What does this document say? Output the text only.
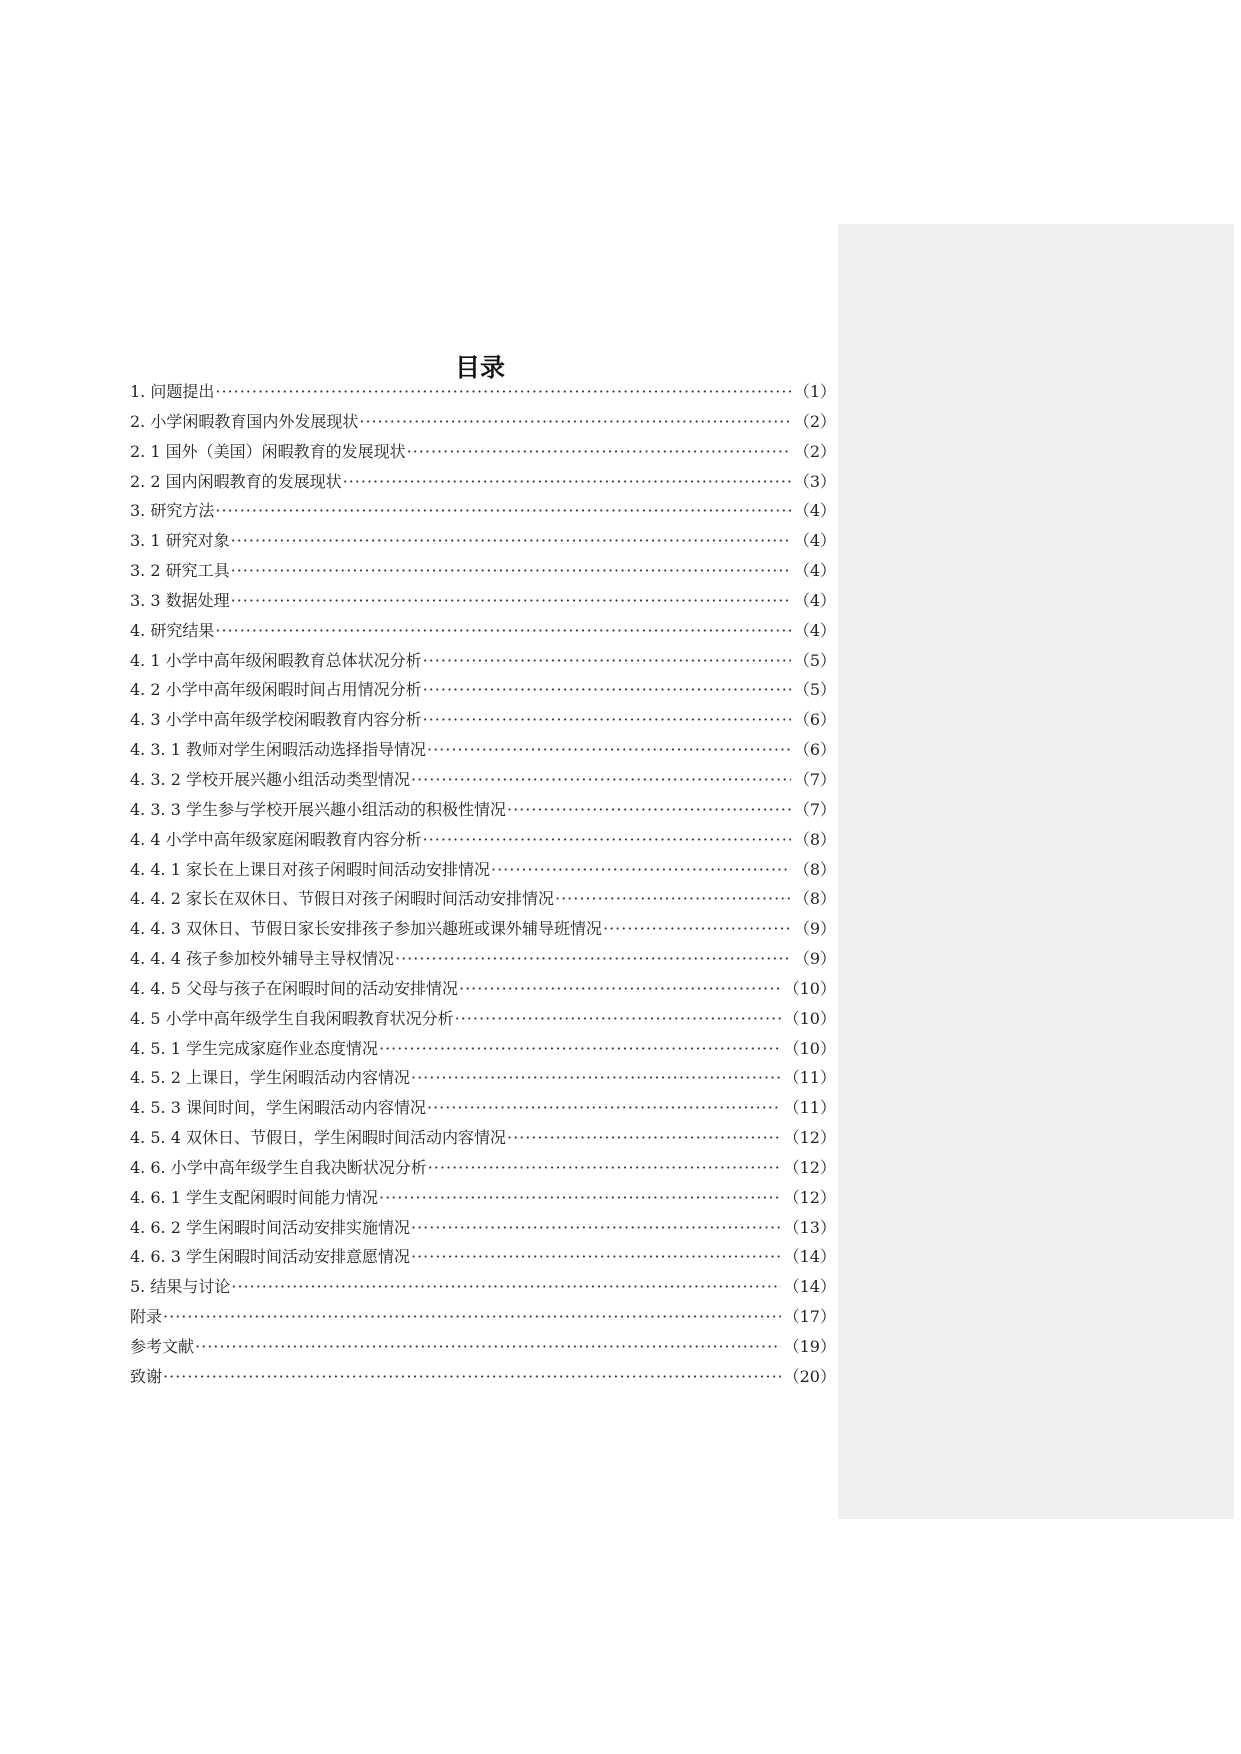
目录
1. 问题提出 ·····	（1）
2. 小学闲暇教育国内外发展现状 ·····	（2）
2. 1 国外（美国）闲暇教育的发展现状 ·····	（2）
2. 2 国内闲暇教育的发展现状 ·····	（3）
3. 研究方法 ·····	（4）
3. 1 研究对象 ·····	（4）
3. 2 研究工具 ·····	（4）
3. 3 数据处理 ·····	（4）
4. 研究结果 ·····	（4）
4. 1 小学中高年级闲暇教育总体状况分析 ·····	（5）
4. 2 小学中高年级闲暇时间占用情况分析 ·····	（5）
4. 3 小学中高年级学校闲暇教育内容分析 ·····	（6）
4. 3. 1 教师对学生闲暇活动选择指导情况 ·····	（6）
4. 3. 2 学校开展兴趣小组活动类型情况 ·····	（7）
4. 3. 3 学生参与学校开展兴趣小组活动的积极性情况 ·····	（7）
4. 4 小学中高年级家庭闲暇教育内容分析 ·····	（8）
4. 4. 1 家长在上课日对孩子闲暇时间活动安排情况 ·····	（8）
4. 4. 2 家长在双休日、节假日对孩子闲暇时间活动安排情况 ·····	（8）
4. 4. 3 双休日、节假日家长安排孩子参加兴趣班或课外辅导班情况 ·····	（9）
4. 4. 4 孩子参加校外辅导主导权情况 ·····	（9）
4. 4. 5 父母与孩子在闲暇时间的活动安排情况 ·····	（10）
4. 5 小学中高年级学生自我闲暇教育状况分析 ·····	（10）
4. 5. 1 学生完成家庭作业态度情况 ·····	（10）
4. 5. 2 上课日，学生闲暇活动内容情况 ·····	（11）
4. 5. 3 课间时间，学生闲暇活动内容情况 ·····	（11）
4. 5. 4 双休日、节假日，学生闲暇时间活动内容情况 ·····	（12）
4. 6. 小学中高年级学生自我决断状况分析 ·····	（12）
4. 6. 1 学生支配闲暇时间能力情况 ·····	（12）
4. 6. 2 学生闲暇时间活动安排实施情况 ·····	（13）
4. 6. 3 学生闲暇时间活动安排意愿情况 ·····	（14）
5. 结果与讨论 ·····	（14）
附录 ·····	（17）
参考文献 ·····	（19）
致谢 ·····	（20）
